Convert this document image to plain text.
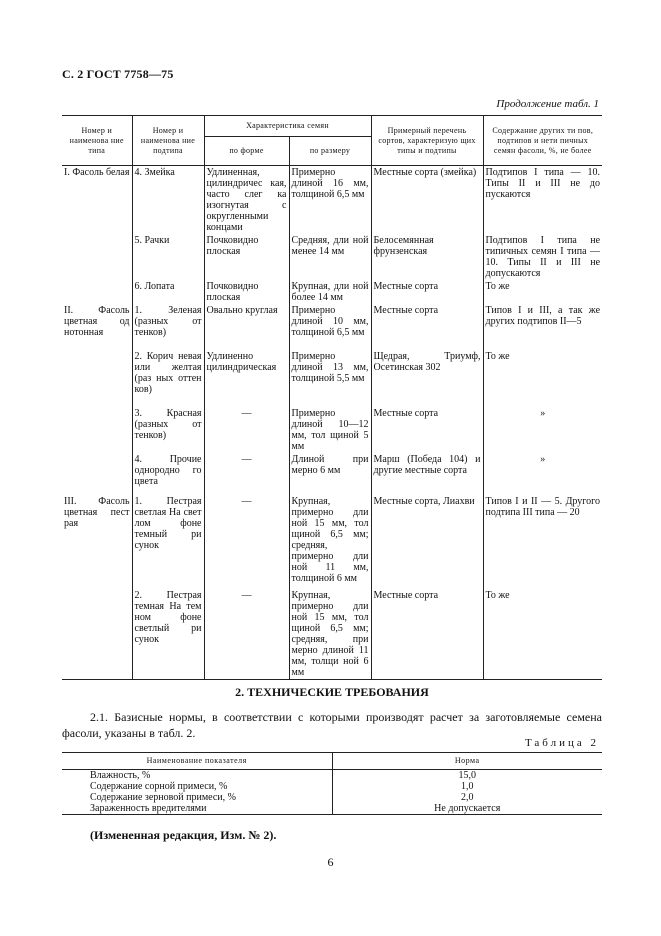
С. 2 ГОСТ 7758—75
Продолжение табл. 1
Номер и наименова ние типа	Номер и наименова ние подтипа	Характеристика семян		Примерный перечень сортов, характеризую щих типы и подтипы	Содержание других ти пов, подтипов и нети пичных семян фасоли, %, не более
		по форме	по размеру		
I. Фасоль белая	4. Змейка	Удлиненная, цилиндричес кая, часто слег ка изогнутая с округленными концами	Примерно длиной 16 мм, толщиной 6,5 мм	Местные сорта (змейка)	Подтипов I типа — 10. Типы II и III не до пускаются
	5. Рачки	Почковидно плоская	Средняя, дли ной менее 14 мм	Белосемянная фрунзенская	Подтипов I типа не типичных семян I типа — 10. Типы II и III не допускаются
	6. Лопата	Почковидно плоская	Крупная, дли ной более 14 мм	Местные сорта	То же
II. Фасоль цветная од нотонная	1. Зеленая (разных от тенков)	Овально круглая	Примерно длиной 10 мм, толщиной 6,5 мм	Местные сорта	Типов I и III, а так же других подтипов II—5
	2. Корич невая или желтая (раз ных оттен ков)	Удлиненно цилиндрическая	Примерно длиной 13 мм, толщиной 5,5 мм	Щедрая, Триумф, Осетинская 302	То же
	3. Красная (разных от тенков)	—	Примерно длиной 10—12 мм, тол щиной 5 мм	Местные сорта	»
	4. Прочие однородно го цвета	—	Длиной при мерно 6 мм	Марш (Победа 104) и другие местные сорта	»
III. Фасоль цветная пест рая	1. Пестрая светлая На свет лом фоне темный ри сунок	—	Крупная, примерно дли ной 15 мм, тол щиной 6,5 мм; средняя, примерно дли ной 11 мм, толщиной 6 мм	Местные сорта, Лиахви	Типов I и II — 5. Другого подтипа III типа — 20
	2. Пестрая темная На тем ном фоне светлый ри сунок	—	Крупная, примерно дли ной 15 мм, тол щиной 6,5 мм; средняя, при мерно длиной 11 мм, толщи ной 6 мм	Местные сорта	То же
2. ТЕХНИЧЕСКИЕ ТРЕБОВАНИЯ

2.1. Базисные нормы, в соответствии с которыми производят расчет за заготовляемые семена фасоли, указаны в табл. 2.

Таблица 2
Наименование показателя	Норма
Влажность, %	15,0
Содержание сорной примеси, %	1,0
Содержание зерновой примеси, %	2,0
Зараженность вредителями	Не допускается
(Измененная редакция, Изм. № 2).
6
